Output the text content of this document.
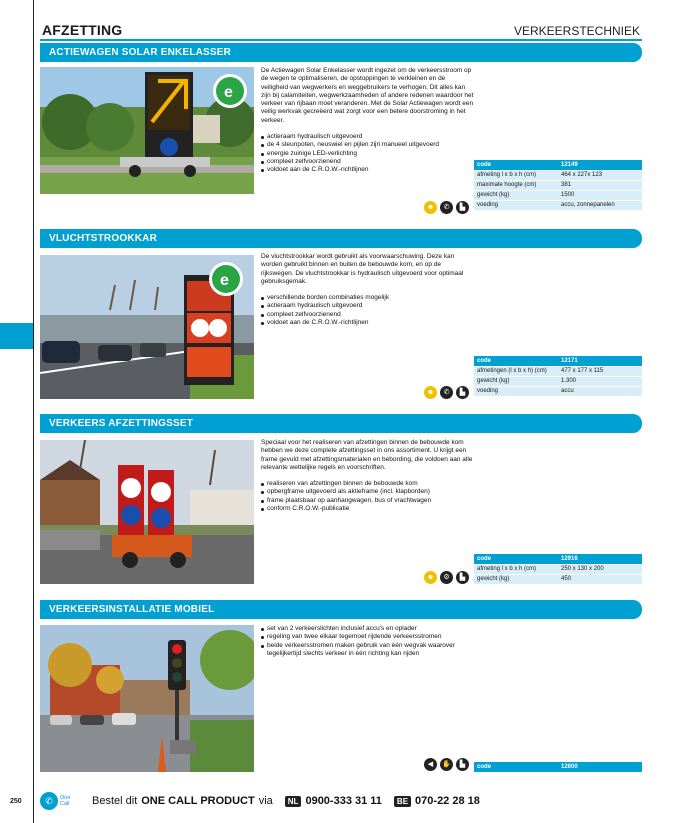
AFZETTING	VERKEERSTECHNIEK
ACTIEWAGEN SOLAR ENKELASSER
e

De Actiewagen Solar Enkelasser wordt ingezet om de verkeersstroom op de wegen te optimaliseren, de opstoppingen te verkleinen en de veiligheid van wegwerkers en weggebruikers te verhogen. Dit alles kan zijn bij calamiteiten, wegwerkzaamheden of andere redenen waardoor het verkeer van rijbaan moet veranderen. Met de Solar Actiewagen wordt een veilig werkvak gecreëerd wat zorgt voor een betere doorstroming in het verkeer.

actieraam hydraulisch uitgevoerd
de 4 steunpoten, neuswiel en pijlen zijn manueel uitgevoerd
energie zuinige LED-verlichting
compleet zelfvoorzienend
voldoet aan de C.R.O.W.-richtlijnen
☻	✆	▙
code	12149
afmeting l x b x h (cm)	464 x 227x 123
maximale hoogte (cm)	381
gewicht (kg)	1500
voeding	accu, zonnepanelen
VLUCHTSTROOKKAR
e

De vluchtstrookkar wordt gebruikt als voorwaarschuwing. Deze kan worden gebruikt binnen en buiten de bebouwde kom, en op de rijkswegen. De vluchtstrookkar is hydraulisch uitgevoerd voor optimaal gebruiksgemak.

verschillende borden combinaties mogelijk
actieraam hydraulisch uitgevoerd
compleet zelfvoorzienend
voldoet aan de C.R.O.W.-richtlijnen
☻	✆	▙
code	12171
afmetingen (l x b x h) (cm)	477 x 177 x 115
gewicht (kg)	1.300
voeding	accu
VERKEERS AFZETTINGSSET

Speciaal voor het realiseren van afzettingen binnen de bebouwde kom hebben we deze complete afzettingsset in ons assortiment. U krijgt een frame gevuld met afzettingsmaterialen en bebording, die voldoen aan alle relevante wettelijke regels en voorschriften.

realiseren van afzettingen binnen de bebouwde kom
opbergframe uitgevoerd als aktieframe (incl. klapborden)
frame plaatsbaar op aanhangwagen, bus of vrachtwagen
conform C.R.O.W.-publicatie
☻	⚙	▙
code	12916
afmeting l x b x h (cm)	250 x 130 x 200
gewicht (kg)	450
VERKEERSINSTALLATIE MOBIEL
set van 2 verkeerslichten inclusief accu's en oplader
regeling van twee elkaar tegemoet rijdende verkeersstromen
beide verkeersstromen maken gebruik van één wegvak waarover tegelijkertijd slechts verkeer in één richting kan rijden
◀	✋	▙	code	12600
250	✆	One
Call Bestel dit ONE CALL PRODUCT via	NL 0900-333 31 11	BE 070-22 28 18
